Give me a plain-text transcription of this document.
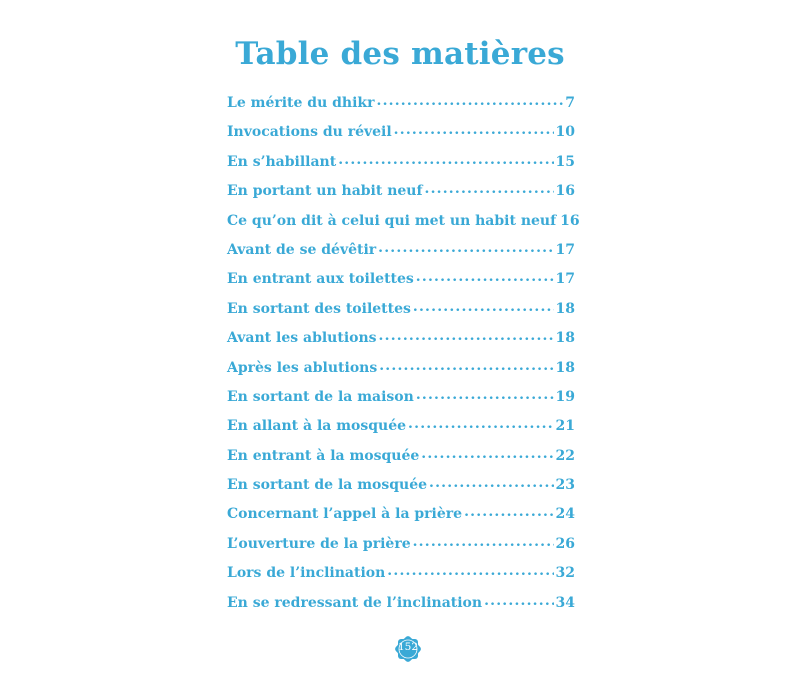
Table des matières
Le mérite du dhikr .....	7
Invocations du réveil .....	10
En s’habillant .....	15
En portant un habit neuf .....	16
Ce qu’on dit à celui qui met un habit neuf 16
Avant de se dévêtir .....	17
En entrant aux toilettes .....	17
En sortant des toilettes .....	18
Avant les ablutions .....	18
Après les ablutions .....	18
En sortant de la maison .....	19
En allant à la mosquée .....	21
En entrant à la mosquée .....	22
En sortant de la mosquée .....	23
Concernant l’appel à la prière .....	24
L’ouverture de la prière .....	26
Lors de l’inclination .....	32
En se redressant de l’inclination .....	34
152
